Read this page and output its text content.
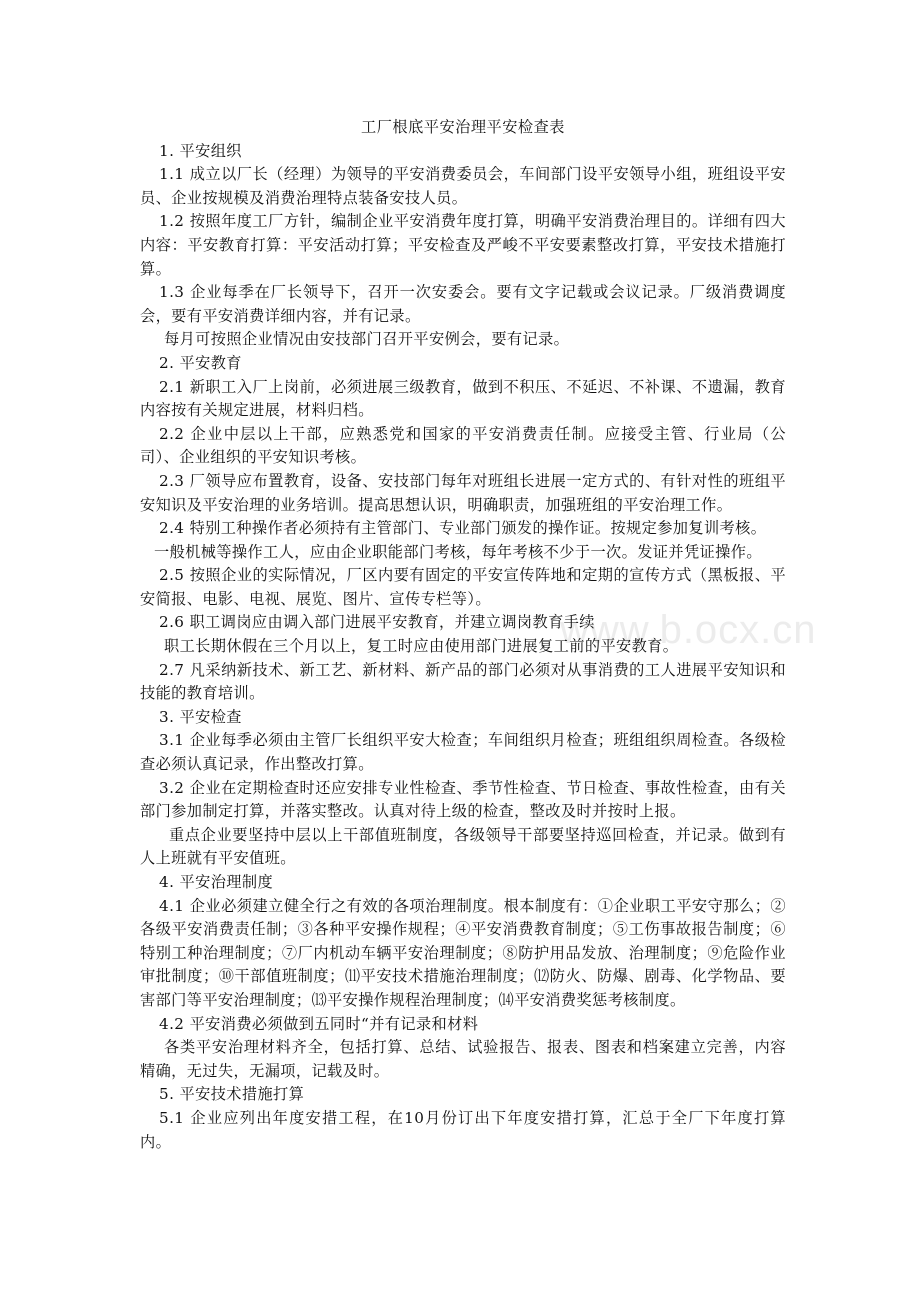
www.b.ocx.cn
工厂根底平安治理平安检查表

1. 平安组织

1.1 成立以厂长（经理）为领导的平安消费委员会，车间部门设平安领导小组，班组设平安员、企业按规模及消费治理特点装备安技人员。

1.2 按照年度工厂方针，编制企业平安消费年度打算，明确平安消费治理目的。详细有四大内容：平安教育打算：平安活动打算；平安检查及严峻不平安要素整改打算，平安技术措施打算。

1.3 企业每季在厂长领导下，召开一次安委会。要有文字记载或会议记录。厂级消费调度会，要有平安消费详细内容，并有记录。

每月可按照企业情况由安技部门召开平安例会，要有记录。

2. 平安教育

2.1 新职工入厂上岗前，必须进展三级教育，做到不积压、不延迟、不补课、不遗漏，教育内容按有关规定进展，材料归档。

2.2 企业中层以上干部，应熟悉党和国家的平安消费责任制。应接受主管、行业局（公司）、企业组织的平安知识考核。

2.3 厂领导应布置教育，设备、安技部门每年对班组长进展一定方式的、有针对性的班组平安知识及平安治理的业务培训。提高思想认识，明确职责，加强班组的平安治理工作。

2.4 特别工种操作者必须持有主管部门、专业部门颁发的操作证。按规定参加复训考核。

一般机械等操作工人，应由企业职能部门考核，每年考核不少于一次。发证并凭证操作。

2.5 按照企业的实际情况，厂区内要有固定的平安宣传阵地和定期的宣传方式（黑板报、平安简报、电影、电视、展览、图片、宣传专栏等）。

2.6 职工调岗应由调入部门进展平安教育，并建立调岗教育手续

职工长期休假在三个月以上，复工时应由使用部门进展复工前的平安教育。

2.7 凡采纳新技术、新工艺、新材料、新产品的部门必须对从事消费的工人进展平安知识和技能的教育培训。

3. 平安检查

3.1 企业每季必须由主管厂长组织平安大检查；车间组织月检查；班组组织周检查。各级检查必须认真记录，作出整改打算。

3.2 企业在定期检查时还应安排专业性检查、季节性检查、节日检查、事故性检查，由有关部门参加制定打算，并落实整改。认真对待上级的检查，整改及时并按时上报。

重点企业要坚持中层以上干部值班制度，各级领导干部要坚持巡回检查，并记录。做到有人上班就有平安值班。

4. 平安治理制度

4.1 企业必须建立健全行之有效的各项治理制度。根本制度有：①企业职工平安守那么；②各级平安消费责任制；③各种平安操作规程；④平安消费教育制度；⑤工伤事故报告制度；⑥特别工种治理制度；⑦厂内机动车辆平安治理制度；⑧防护用品发放、治理制度；⑨危险作业审批制度；⑩干部值班制度；⑾平安技术措施治理制度；⑿防火、防爆、剧毒、化学物品、要害部门等平安治理制度；⒀平安操作规程治理制度；⒁平安消费奖惩考核制度。

4.2 平安消费必须做到五同时“并有记录和材料

各类平安治理材料齐全，包括打算、总结、试验报告、报表、图表和档案建立完善，内容精确，无过失，无漏项，记载及时。

5. 平安技术措施打算

5.1 企业应列出年度安措工程，在10月份订出下年度安措打算，汇总于全厂下年度打算内。
